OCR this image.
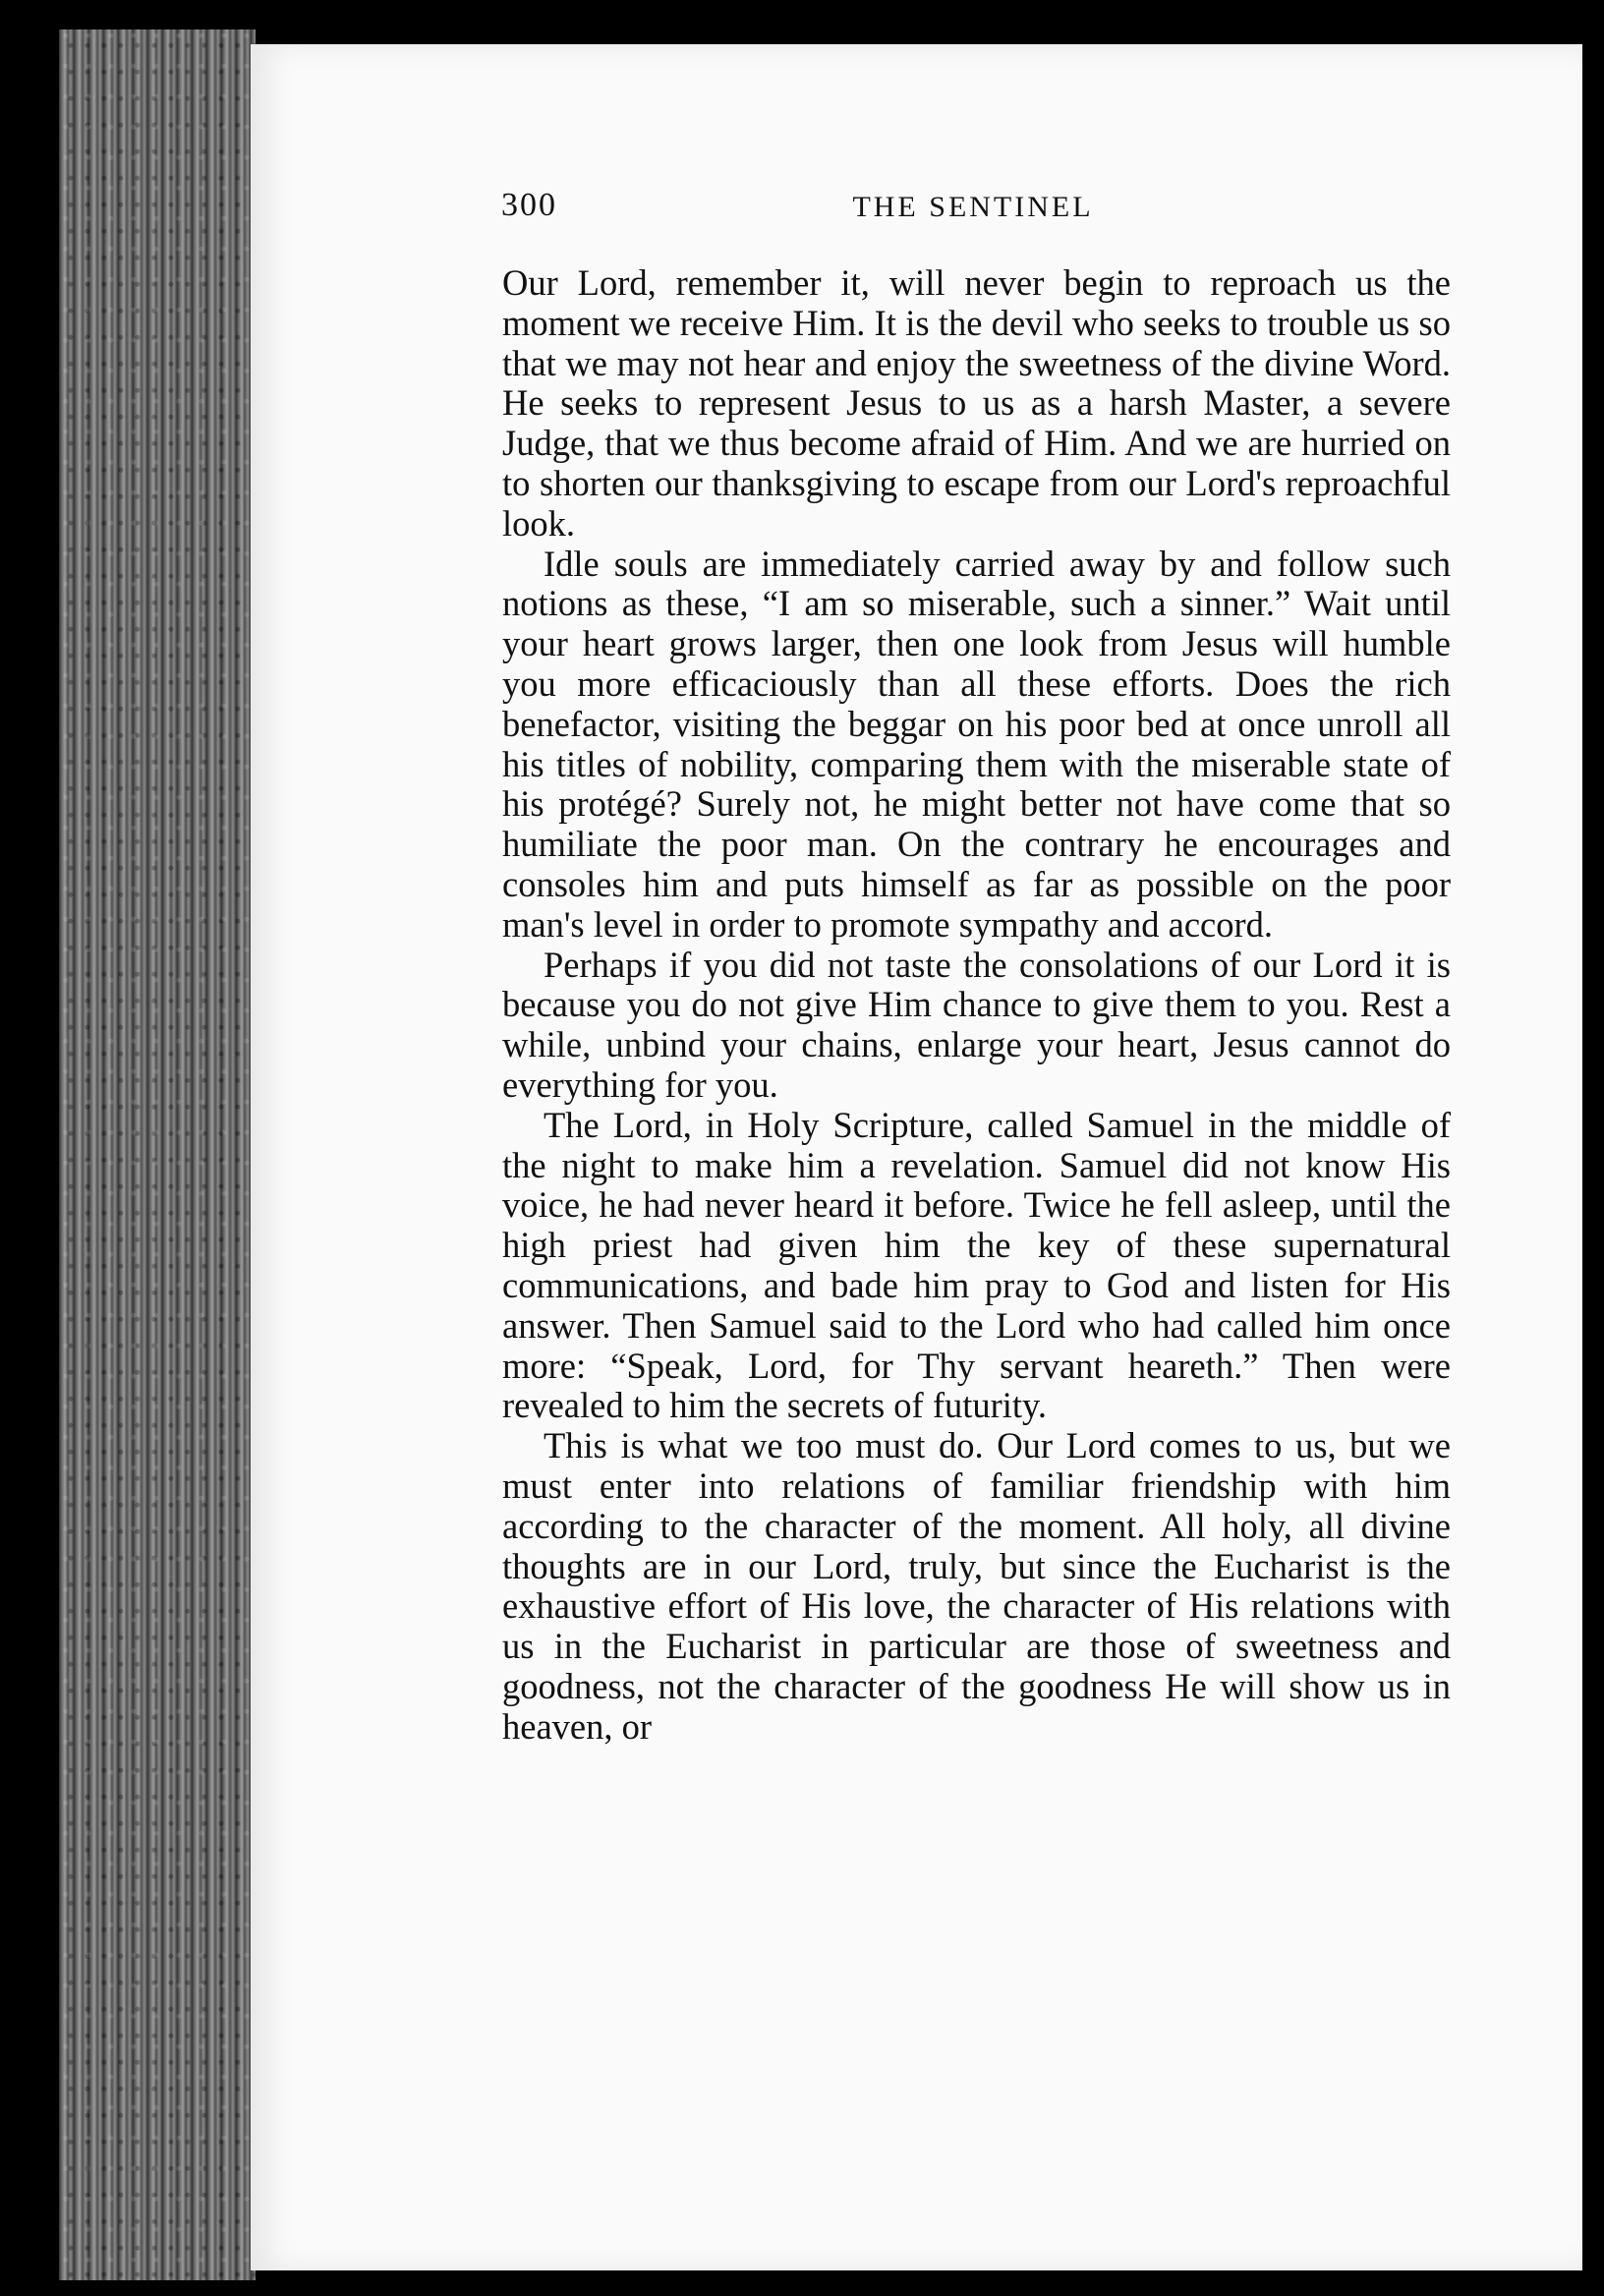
300	THE SENTINEL

Our Lord, remember it, will never begin to reproach us the moment we receive Him. It is the devil who seeks to trouble us so that we may not hear and enjoy the sweetness of the divine Word. He seeks to represent Jesus to us as a harsh Master, a severe Judge, that we thus become afraid of Him. And we are hurried on to shorten our thanksgiving to escape from our Lord's reproachful look.

Idle souls are immediately carried away by and follow such notions as these, “I am so miserable, such a sinner.” Wait until your heart grows larger, then one look from Jesus will humble you more efficaciously than all these efforts. Does the rich benefactor, visiting the beggar on his poor bed at once unroll all his titles of nobility, comparing them with the miserable state of his protégé? Surely not, he might better not have come that so humiliate the poor man. On the contrary he encourages and consoles him and puts himself as far as possible on the poor man's level in order to promote sympathy and accord.

Perhaps if you did not taste the consolations of our Lord it is because you do not give Him chance to give them to you. Rest a while, unbind your chains, enlarge your heart, Jesus cannot do everything for you.

The Lord, in Holy Scripture, called Samuel in the middle of the night to make him a revelation. Samuel did not know His voice, he had never heard it before. Twice he fell asleep, until the high priest had given him the key of these supernatural communications, and bade him pray to God and listen for His answer. Then Samuel said to the Lord who had called him once more: “Speak, Lord, for Thy servant heareth.” Then were revealed to him the secrets of futurity.

This is what we too must do. Our Lord comes to us, but we must enter into relations of familiar friendship with him according to the character of the moment. All holy, all divine thoughts are in our Lord, truly, but since the Eucharist is the exhaustive effort of His love, the character of His relations with us in the Eucharist in particular are those of sweetness and goodness, not the character of the goodness He will show us in heaven, or
